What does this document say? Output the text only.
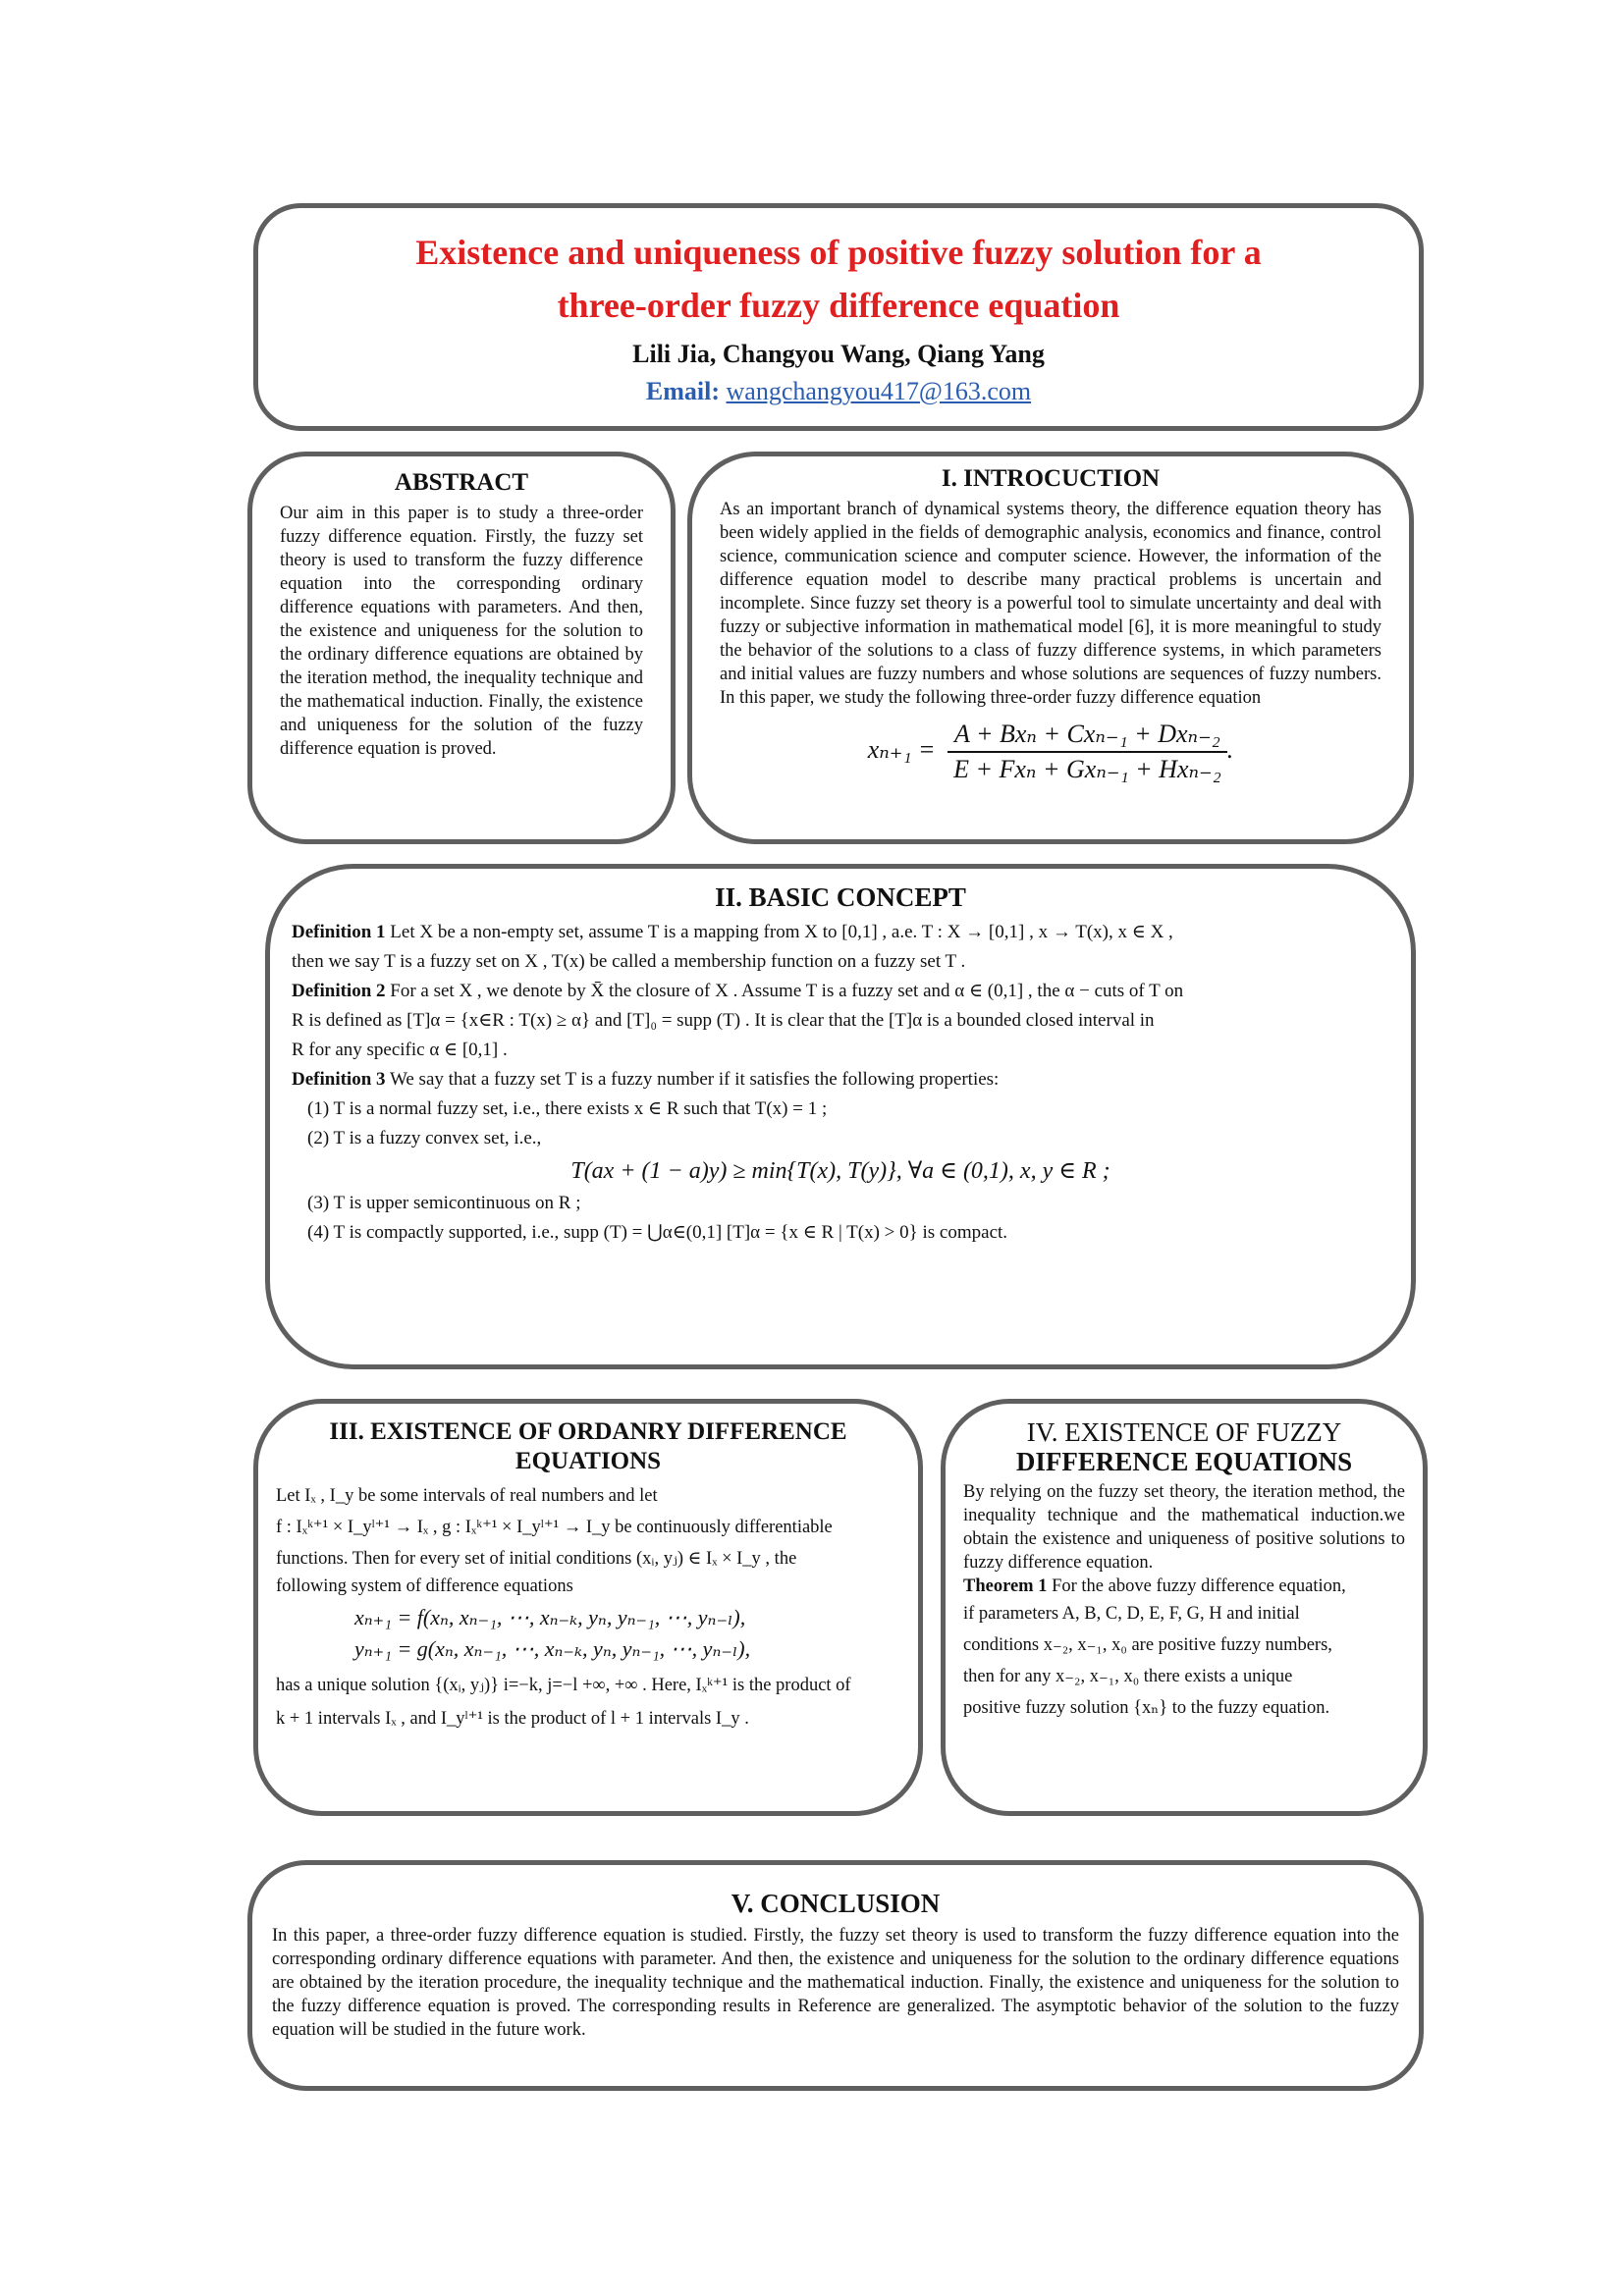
Existence and uniqueness of positive fuzzy solution for a
three-order fuzzy difference equation
Lili Jia, Changyou Wang, Qiang Yang
Email: wangchangyou417@163.com
ABSTRACT

Our aim in this paper is to study a three-order fuzzy difference equation. Firstly, the fuzzy set theory is used to transform the fuzzy difference equation into the corresponding ordinary difference equations with parameters. And then, the existence and uniqueness for the solution to the ordinary difference equations are obtained by the iteration method, the inequality technique and the mathematical induction. Finally, the existence and uniqueness for the solution of the fuzzy difference equation is proved.

I. INTROCUCTION

As an important branch of dynamical systems theory, the difference equation theory has been widely applied in the fields of demographic analysis, economics and finance, control science, communication science and computer science. However, the information of the difference equation model to describe many practical problems is uncertain and incomplete. Since fuzzy set theory is a powerful tool to simulate uncertainty and deal with fuzzy or subjective information in mathematical model [6], it is more meaningful to study the behavior of the solutions to a class of fuzzy difference systems, in which parameters and initial values are fuzzy numbers and whose solutions are sequences of fuzzy numbers. In this paper, we study the following three-order fuzzy difference equation

$x_{n+1} = \frac{\text{A + Bxₙ + Cxₙ₋₁ + Dxₙ₋₂}}{\text{E + Fxₙ + Gxₙ₋₁ + Hxₙ₋₂}}$ .
II. BASIC CONCEPT

Definition 1 Let X be a non-empty set, assume T is a mapping from X to [0,1] , a.e. T : X → [0,1] , x → T(x), x ∈ X ,

then we say T is a fuzzy set on X , T(x) be called a membership function on a fuzzy set T .

Definition 2 For a set X , we denote by X̄ the closure of X . Assume T is a fuzzy set and α ∈ (0,1] , the α − cuts of T on

R is defined as [T]α = {x∈R : T(x) ≥ α} and [T]₀ = supp (T) . It is clear that the [T]α is a bounded closed interval in

R for any specific α ∈ [0,1] .

Definition 3 We say that a fuzzy set T is a fuzzy number if it satisfies the following properties:

(1) T is a normal fuzzy set, i.e., there exists x ∈ R such that T(x) = 1 ;

(2) T is a fuzzy convex set, i.e.,

T(ax + (1 − a)y) ≥ min{T(x), T(y)}, ∀a ∈ (0,1), x, y ∈ R ;

(3) T is upper semicontinuous on R ;

(4) T is compactly supported, i.e., supp (T) = ⋃α∈(0,1] [T]α = {x ∈ R | T(x) > 0} is compact.

III. EXISTENCE OF ORDANRY DIFFERENCE
EQUATIONS

Let Iₓ , I_y be some intervals of real numbers and let

f : Iₓᵏ⁺¹ × I_yˡ⁺¹ → Iₓ , g : Iₓᵏ⁺¹ × I_yˡ⁺¹ → I_y be continuously differentiable

functions. Then for every set of initial conditions (xᵢ, yⱼ) ∈ Iₓ × I_y , the

following system of difference equations

xₙ₊₁ = f(xₙ, xₙ₋₁, ⋯, xₙ₋ₖ, yₙ, yₙ₋₁, ⋯, yₙ₋ₗ),
yₙ₊₁ = g(xₙ, xₙ₋₁, ⋯, xₙ₋ₖ, yₙ, yₙ₋₁, ⋯, yₙ₋ₗ),

has a unique solution {(xᵢ, yⱼ)} i=−k, j=−l +∞, +∞ . Here, Iₓᵏ⁺¹ is the product of

k + 1 intervals Iₓ , and I_yˡ⁺¹ is the product of l + 1 intervals I_y .

IV. EXISTENCE OF FUZZY
DIFFERENCE EQUATIONS

By relying on the fuzzy set theory, the iteration method, the inequality technique and the mathematical induction.we obtain the existence and uniqueness of positive solutions to fuzzy difference equation.

Theorem 1 For the above fuzzy difference equation,

if parameters A, B, C, D, E, F, G, H and initial

conditions x₋₂, x₋₁, x₀ are positive fuzzy numbers,

then for any x₋₂, x₋₁, x₀ there exists a unique

positive fuzzy solution {xₙ} to the fuzzy equation.

V. CONCLUSION

In this paper, a three-order fuzzy difference equation is studied. Firstly, the fuzzy set theory is used to transform the fuzzy difference equation into the corresponding ordinary difference equations with parameter. And then, the existence and uniqueness for the solution to the ordinary difference equations are obtained by the iteration procedure, the inequality technique and the mathematical induction. Finally, the existence and uniqueness for the solution to the fuzzy difference equation is proved. The corresponding results in Reference are generalized. The asymptotic behavior of the solution to the fuzzy equation will be studied in the future work.
